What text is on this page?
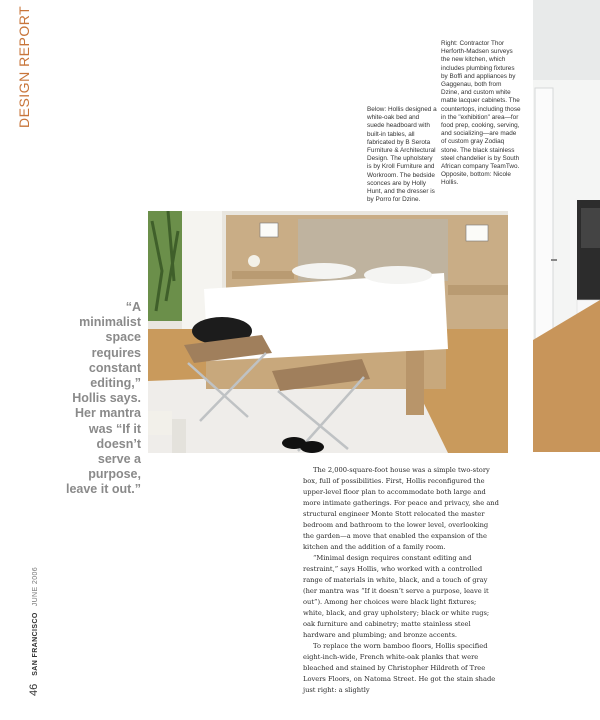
DESIGN REPORT
46 SAN FRANCISCO JUNE 2006
Right: Contractor Thor Herforth-Madsen surveys the new kitchen, which includes plumbing fixtures by Boffi and appliances by Gaggenau, both from Dzine, and custom white matte lacquer cabinets. The countertops, including those in the "exhibition" area—for food prep, cooking, serving, and socializing—are made of custom gray Zodiaq stone. The black stainless steel chandelier is by South African company TeamTwo. Opposite, bottom: Nicole Hollis.
Below: Hollis designed a white-oak bed and suede headboard with built-in tables, all fabricated by B Serota Furniture & Architectural Design. The upholstery is by Kroll Furniture and Workroom. The bedside sconces are by Holly Hunt, and the dresser is by Porro for Dzine.
“A minimalist space requires constant editing,” Hollis says. Her mantra was “If it doesn’t serve a purpose, leave it out.”

The 2,000-square-foot house was a simple two-story box, full of possibilities. First, Hollis reconfigured the upper-level floor plan to accommodate both large and more intimate gatherings. For peace and privacy, she and structural engineer Monte Stott relocated the master bedroom and bathroom to the lower level, overlooking the garden—a move that enabled the expansion of the kitchen and the addition of a family room.

“Minimal design requires constant editing and restraint,” says Hollis, who worked with a controlled range of materials in white, black, and a touch of gray (her mantra was “If it doesn’t serve a purpose, leave it out”). Among her choices were black light fixtures; white, black, and gray upholstery; black or white rugs; oak furniture and cabinetry; matte stainless steel hardware and plumbing; and bronze accents.

To replace the worn bamboo floors, Hollis specified eight-inch-wide, French white-oak planks that were bleached and stained by Christopher Hildreth of Tree Lovers Floors, on Natoma Street. He got the stain shade just right: a slightly
